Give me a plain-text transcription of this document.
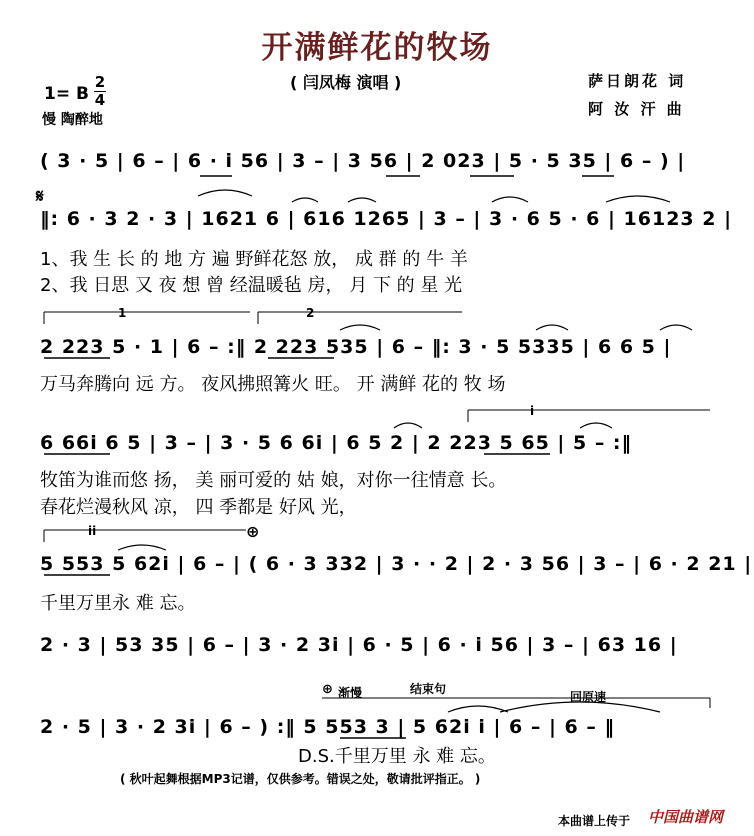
开满鲜花的牧场
( 闫凤梅 演唱 )
1= B
2
4
慢 陶醉地
萨日朗花 词
阿 汝 汗 曲
( 3 · 5 | 6 – | 6 · i 56 | 3 – | 3 56 | 2 023 | 5 · 5 35 | 6 – ) |
𝄋
‖: 6 · 3 2 · 3 | 1621 6 | 616 1265 | 3 – | 3 · 6 5 · 6 | 16123 2 |
1、我 生 长 的 地 方 遍 野鲜花怒 放， 成 群 的 牛 羊
2、我 日思 又 夜 想 曾 经温暖毡 房， 月 下 的 星 光
1	2
2 223 5 · 1 | 6 – :‖ 2 223 535 | 6 – ‖: 3 · 5 5335 | 6 6 5 |
万马奔腾向 远 方。 夜风拂照篝火 旺。 开 满鲜 花的 牧 场
i
6 66i 6 5 | 3 – | 3 · 5 6 6i | 6 5 2 | 2 223 5 65 | 5 – :‖
牧笛为谁而悠 扬， 美 丽可爱的 姑 娘，对你一往情意 长。
春花烂漫秋风 凉， 四 季都是 好风 光，
ii	⊕
5 553 5 62i | 6 – | ( 6 · 3 332 | 3 · · 2 | 2 · 3 56 | 3 – | 6 · 2 21 |
千里万里永 难 忘。
2 · 3 | 53 35 | 6 – | 3 · 2 3i | 6 · 5 | 6 · i 56 | 3 – | 63 16 |
⊕ 渐慢	结束句
回原速
2 · 5 | 3 · 2 3i | 6 – ) :‖ 5 553 3 | 5 62i i | 6 – | 6 – ‖
D.S.千里万里 永 难 忘。
( 秋叶起舞根据MP3记谱，仅供参考。错误之处，敬请批评指正。 )
本曲谱上传于 中国曲谱网
